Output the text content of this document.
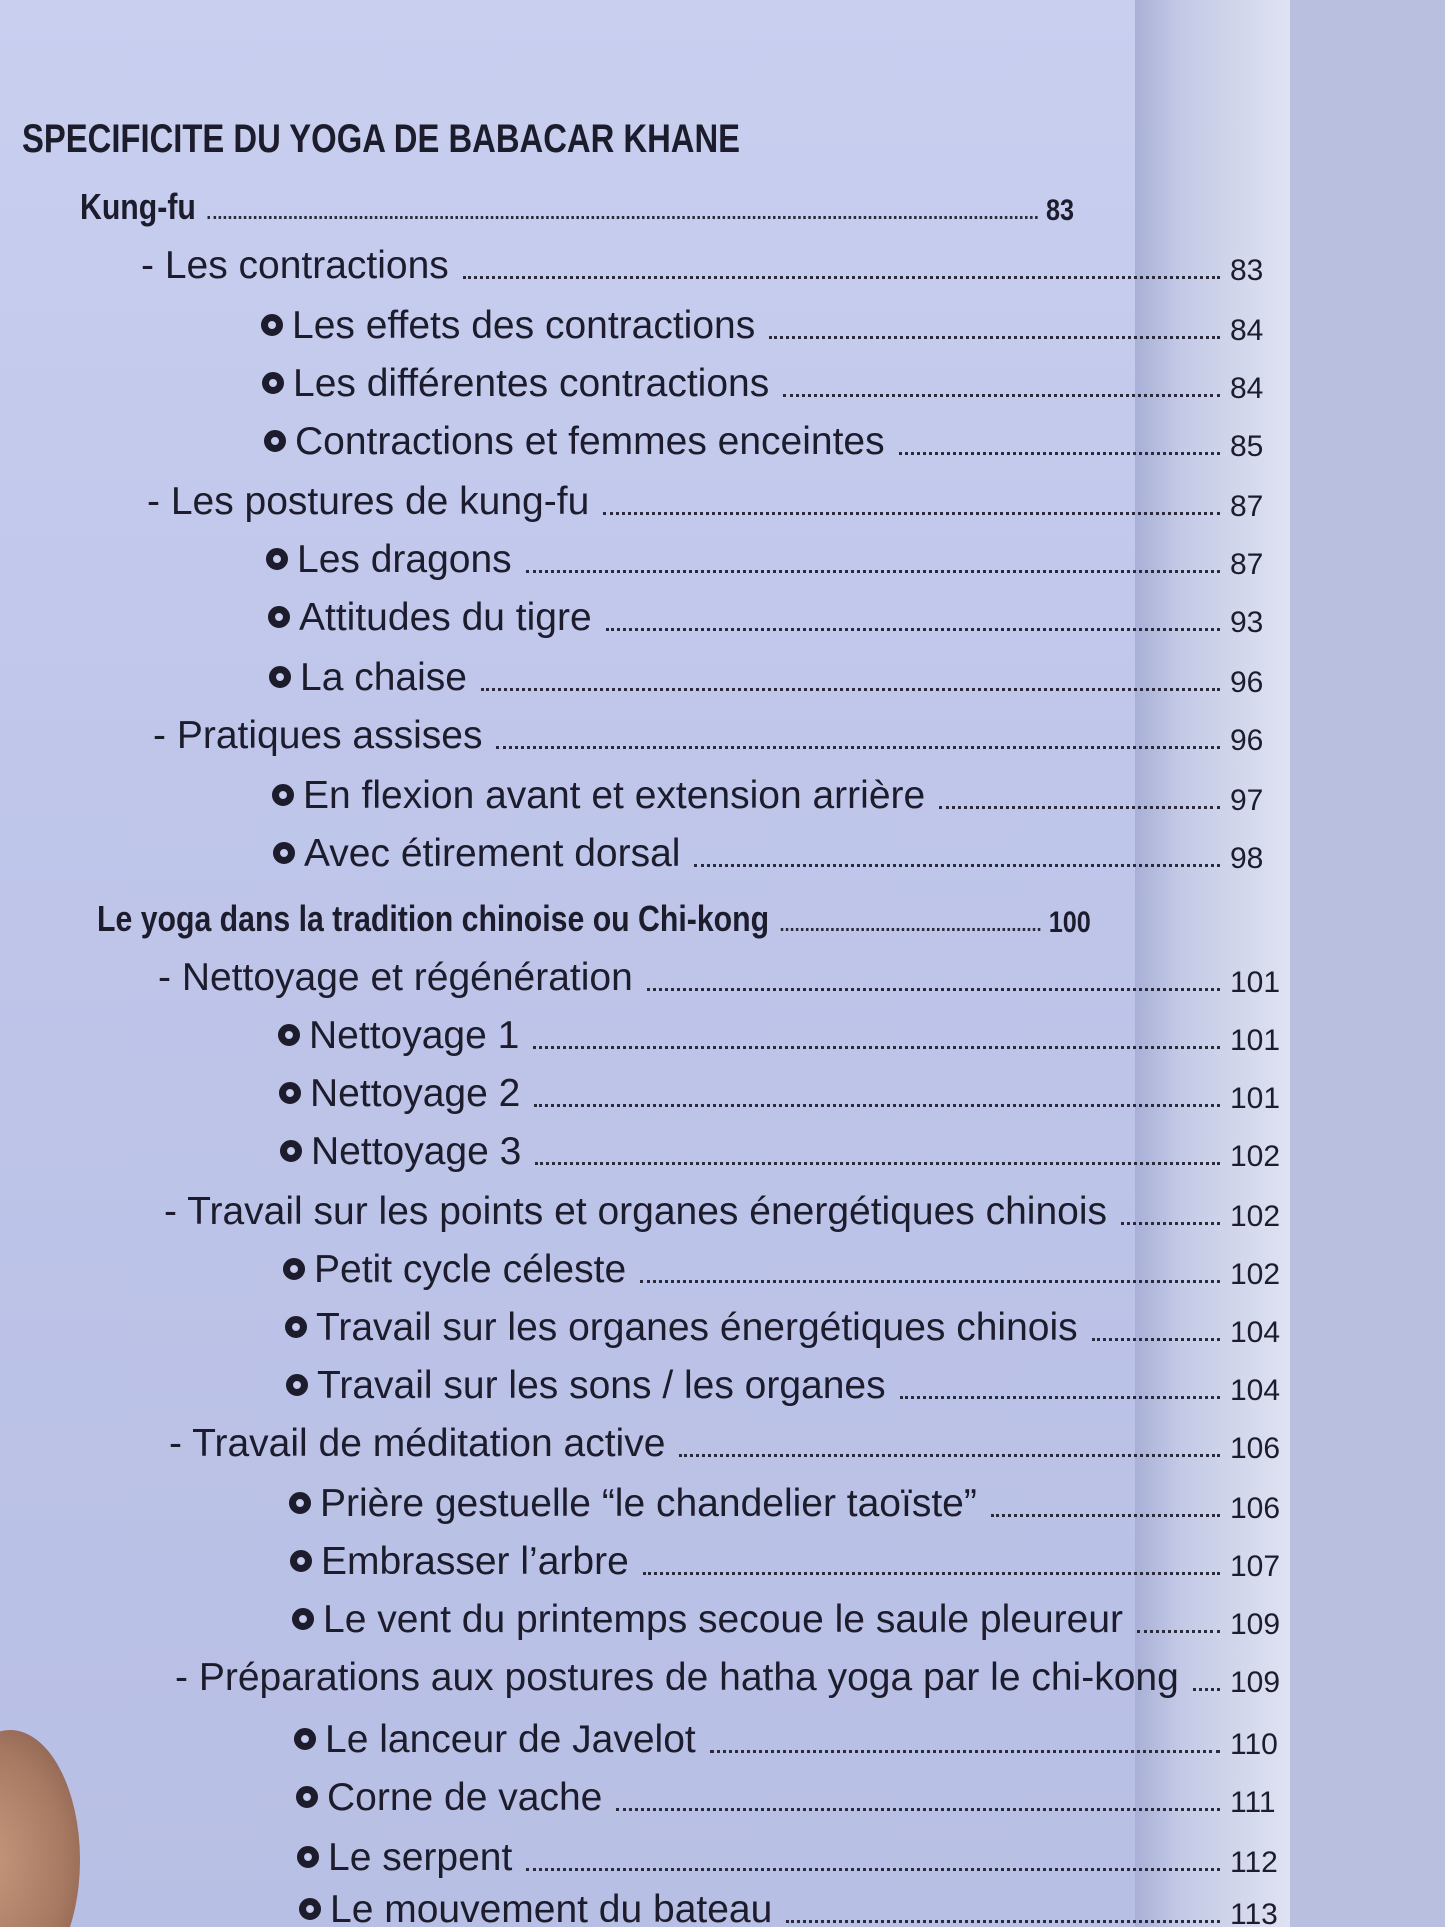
SPECIFICITE DU YOGA DE BABACAR KHANE
Kung-fu	83
- Les contractions	83
Les effets des contractions	84
Les différentes contractions	84
Contractions et femmes enceintes	85
- Les postures de kung-fu	87
Les dragons	87
Attitudes du tigre	93
La chaise	96
- Pratiques assises	96
En flexion avant et extension arrière	97
Avec étirement dorsal	98
Le yoga dans la tradition chinoise ou Chi-kong	100
- Nettoyage et régénération	101
Nettoyage 1	101
Nettoyage 2	101
Nettoyage 3	102
- Travail sur les points et organes énergétiques chinois	102
Petit cycle céleste	102
Travail sur les organes énergétiques chinois	104
Travail sur les sons / les organes	104
- Travail de méditation active	106
Prière gestuelle “le chandelier taoïste”	106
Embrasser l’arbre	107
Le vent du printemps secoue le saule pleureur	109
- Préparations aux postures de hatha yoga par le chi-kong 109
Le lanceur de Javelot	110
Corne de vache	111
Le serpent	112
Le mouvement du bateau	113
